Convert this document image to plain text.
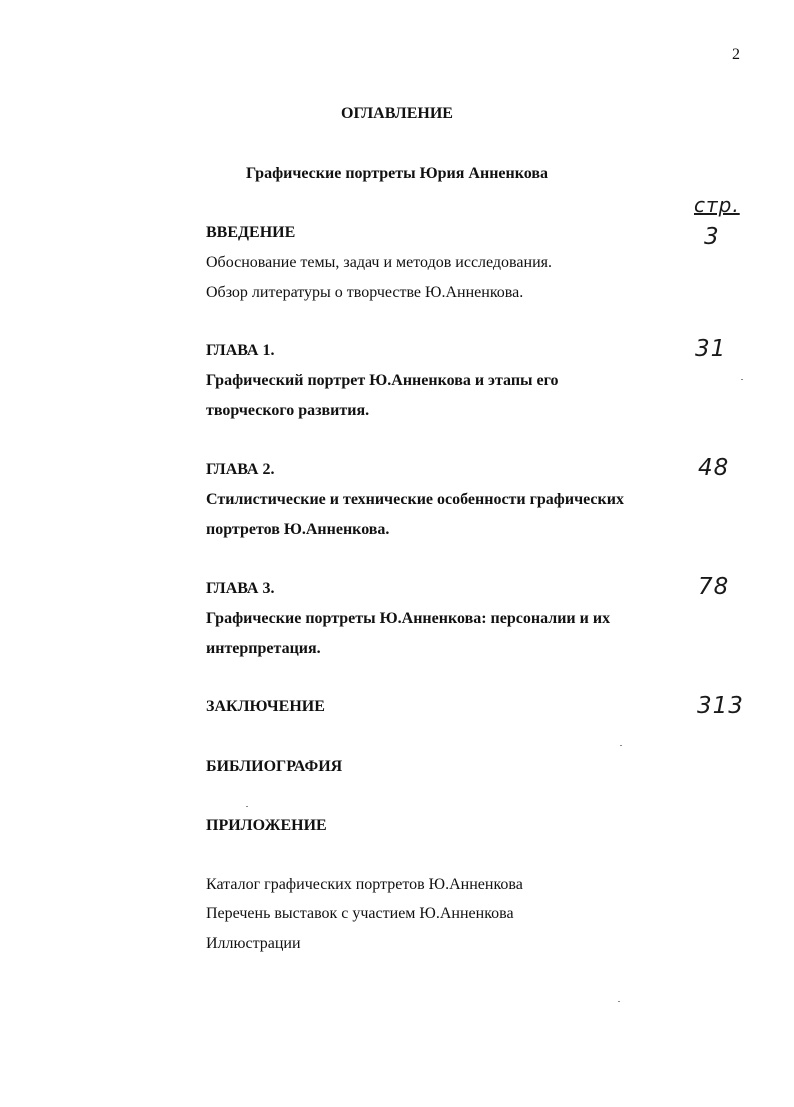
2
ОГЛАВЛЕНИЕ
Графические портреты Юрия Анненкова
стр.
ВВЕДЕНИЕ	3
Обоснование темы, задач и методов исследования.
Обзор литературы о творчестве Ю.Анненкова.
ГЛАВА 1.	31
Графический портрет Ю.Анненкова и этапы его
творческого развития.
ГЛАВА 2.	48
Стилистические и технические особенности графических
портретов Ю.Анненкова.
ГЛАВА 3.	78
Графические портреты Ю.Анненкова: персоналии и их
интерпретация.
ЗАКЛЮЧЕНИЕ	313
БИБЛИОГРАФИЯ
ПРИЛОЖЕНИЕ
Каталог графических портретов Ю.Анненкова
Перечень выставок с участием Ю.Анненкова
Иллюстрации
